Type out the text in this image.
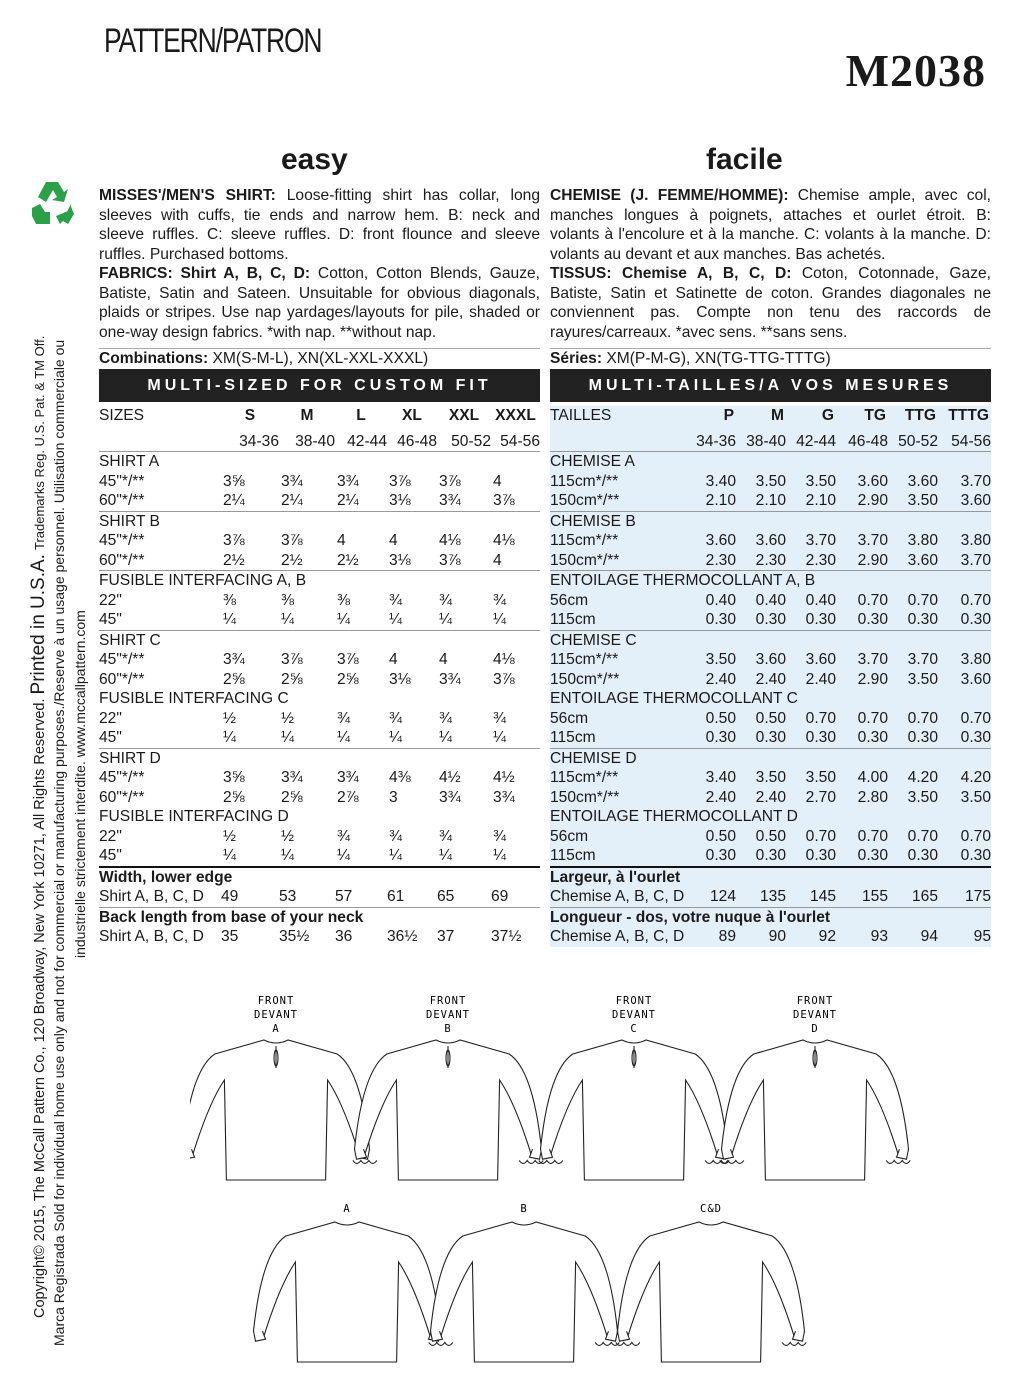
PATTERN/PATRON
M2038
easy	facile
Copyright© 2015, The McCall Pattern Co., 120 Broadway, New York 10271, All Rights Reserved. Printed in U.S.A. Trademarks Reg. U.S. Pat. & TM Off. Marca Registrada Sold for individual home use only and not for commercial or manufacturing purposes./Reserve à un usage personnel. Utilisation commerciale ou industrielle strictement interdite. www.mccallpattern.com

MISSES'/MEN'S SHIRT: Loose-fitting shirt has collar, long sleeves with cuffs, tie ends and narrow hem. B: neck and sleeve ruffles. C: sleeve ruffles. D: front flounce and sleeve ruffles. Purchased bottoms.

FABRICS: Shirt A, B, C, D: Cotton, Cotton Blends, Gauze, Batiste, Satin and Sateen. Unsuitable for obvious diagonals, plaids or stripes. Use nap yardages/layouts for pile, shaded or one-way design fabrics. *with nap. **without nap.

CHEMISE (J. FEMME/HOMME): Chemise ample, avec col, manches longues à poignets, attaches et ourlet étroit. B: volants à l'encolure et à la manche. C: volants à la manche. D: volants au devant et aux manches. Bas achetés.

TISSUS: Chemise A, B, C, D: Coton, Cotonnade, Gaze, Batiste, Satin et Satinette de coton. Grandes diagonales ne conviennent pas. Compte non tenu des raccords de rayures/carreaux. *avec sens. **sans sens.

Combinations: XM(S-M-L), XN(XL-XXL-XXXL)	Séries: XM(P-M-G), XN(TG-TTG-TTTG)
MULTI-SIZED FOR CUSTOM FIT	MULTI-TAILLES/A VOS MESURES
SIZES	S	M	L	XL	XXL	XXXL
	34-36	38-40	42-44	46-48	50-52	54-56
SHIRT A						
45"*/**	3⅝	3¾	3¾	3⅞	3⅞	4
60"*/**	2¼	2¼	2¼	3⅛	3¾	3⅞
SHIRT B						
45"*/**	3⅞	3⅞	4	4	4⅛	4⅛
60"*/**	2½	2½	2½	3⅛	3⅞	4
FUSIBLE INTERFACING A, B						
22"	⅜	⅜	⅜	¾	¾	¾
45"	¼	¼	¼	¼	¼	¼
SHIRT C						
45"*/**	3¾	3⅞	3⅞	4	4	4⅛
60"*/**	2⅝	2⅝	2⅝	3⅛	3¾	3⅞
FUSIBLE INTERFACING C						
22"	½	½	¾	¾	¾	¾
45"	¼	¼	¼	¼	¼	¼
SHIRT D						
45"*/**	3⅝	3¾	3¾	4⅜	4½	4½
60"*/**	2⅝	2⅝	2⅞	3	3¾	3¾
FUSIBLE INTERFACING D						
22"	½	½	¾	¾	¾	¾
45"	¼	¼	¼	¼	¼	¼
Width, lower edge						
Shirt A, B, C, D	49	53	57	61	65	69
Back length from base of your neck						
Shirt A, B, C, D	35	35½	36	36½	37	37½
TAILLES	P	M	G	TG	TTG	TTTG
	34-36	38-40	42-44	46-48	50-52	54-56
CHEMISE A						
115cm*/**	3.40	3.50	3.50	3.60	3.60	3.70
150cm*/**	2.10	2.10	2.10	2.90	3.50	3.60
CHEMISE B						
115cm*/**	3.60	3.60	3.70	3.70	3.80	3.80
150cm*/**	2.30	2.30	2.30	2.90	3.60	3.70
ENTOILAGE THERMOCOLLANT A, B						
56cm	0.40	0.40	0.40	0.70	0.70	0.70
115cm	0.30	0.30	0.30	0.30	0.30	0.30
CHEMISE C						
115cm*/**	3.50	3.60	3.60	3.70	3.70	3.80
150cm*/**	2.40	2.40	2.40	2.90	3.50	3.60
ENTOILAGE THERMOCOLLANT C						
56cm	0.50	0.50	0.70	0.70	0.70	0.70
115cm	0.30	0.30	0.30	0.30	0.30	0.30
CHEMISE D						
115cm*/**	3.40	3.50	3.50	4.00	4.20	4.20
150cm*/**	2.40	2.40	2.70	2.80	3.50	3.50
ENTOILAGE THERMOCOLLANT D						
56cm	0.50	0.50	0.70	0.70	0.70	0.70
115cm	0.30	0.30	0.30	0.30	0.30	0.30
Largeur, à l'ourlet						
Chemise A, B, C, D	124	135	145	155	165	175
Longueur - dos, votre nuque à l'ourlet						
Chemise A, B, C, D	89	90	92	93	94	95
FRONT
DEVANT
A
FRONT
DEVANT
B
FRONT
DEVANT
C
FRONT
DEVANT
D
A	B	C&D
